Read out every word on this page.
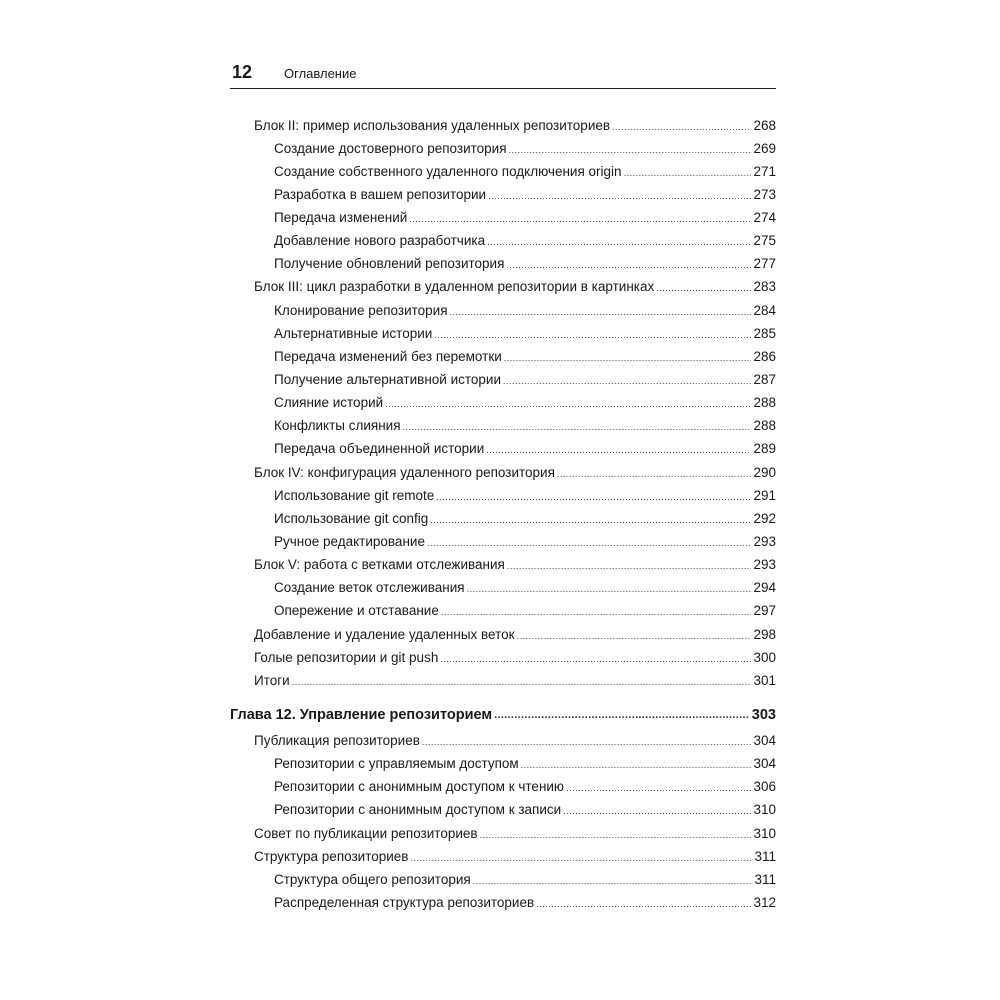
12 Оглавление
Блок II: пример использования удаленных репозиториев .....	268
Создание достоверного репозитория .....	269
Создание собственного удаленного подключения origin .....	271
Разработка в вашем репозитории .....	273
Передача изменений .....	274
Добавление нового разработчика .....	275
Получение обновлений репозитория .....	277
Блок III: цикл разработки в удаленном репозитории в картинках .....	283
Клонирование репозитория .....	284
Альтернативные истории .....	285
Передача изменений без перемотки .....	286
Получение альтернативной истории .....	287
Слияние историй .....	288
Конфликты слияния .....	288
Передача объединенной истории .....	289
Блок IV: конфигурация удаленного репозитория .....	290
Использование git remote .....	291
Использование git config .....	292
Ручное редактирование .....	293
Блок V: работа с ветками отслеживания .....	293
Создание веток отслеживания .....	294
Опережение и отставание .....	297
Добавление и удаление удаленных веток .....	298
Голые репозитории и git push .....	300
Итоги .....	301
Глава 12. Управление репозиторием .....	303
Публикация репозиториев .....	304
Репозитории с управляемым доступом .....	304
Репозитории с анонимным доступом к чтению .....	306
Репозитории с анонимным доступом к записи .....	310
Совет по публикации репозиториев .....	310
Структура репозиториев .....	311
Структура общего репозитория .....	311
Распределенная структура репозиториев .....	312
